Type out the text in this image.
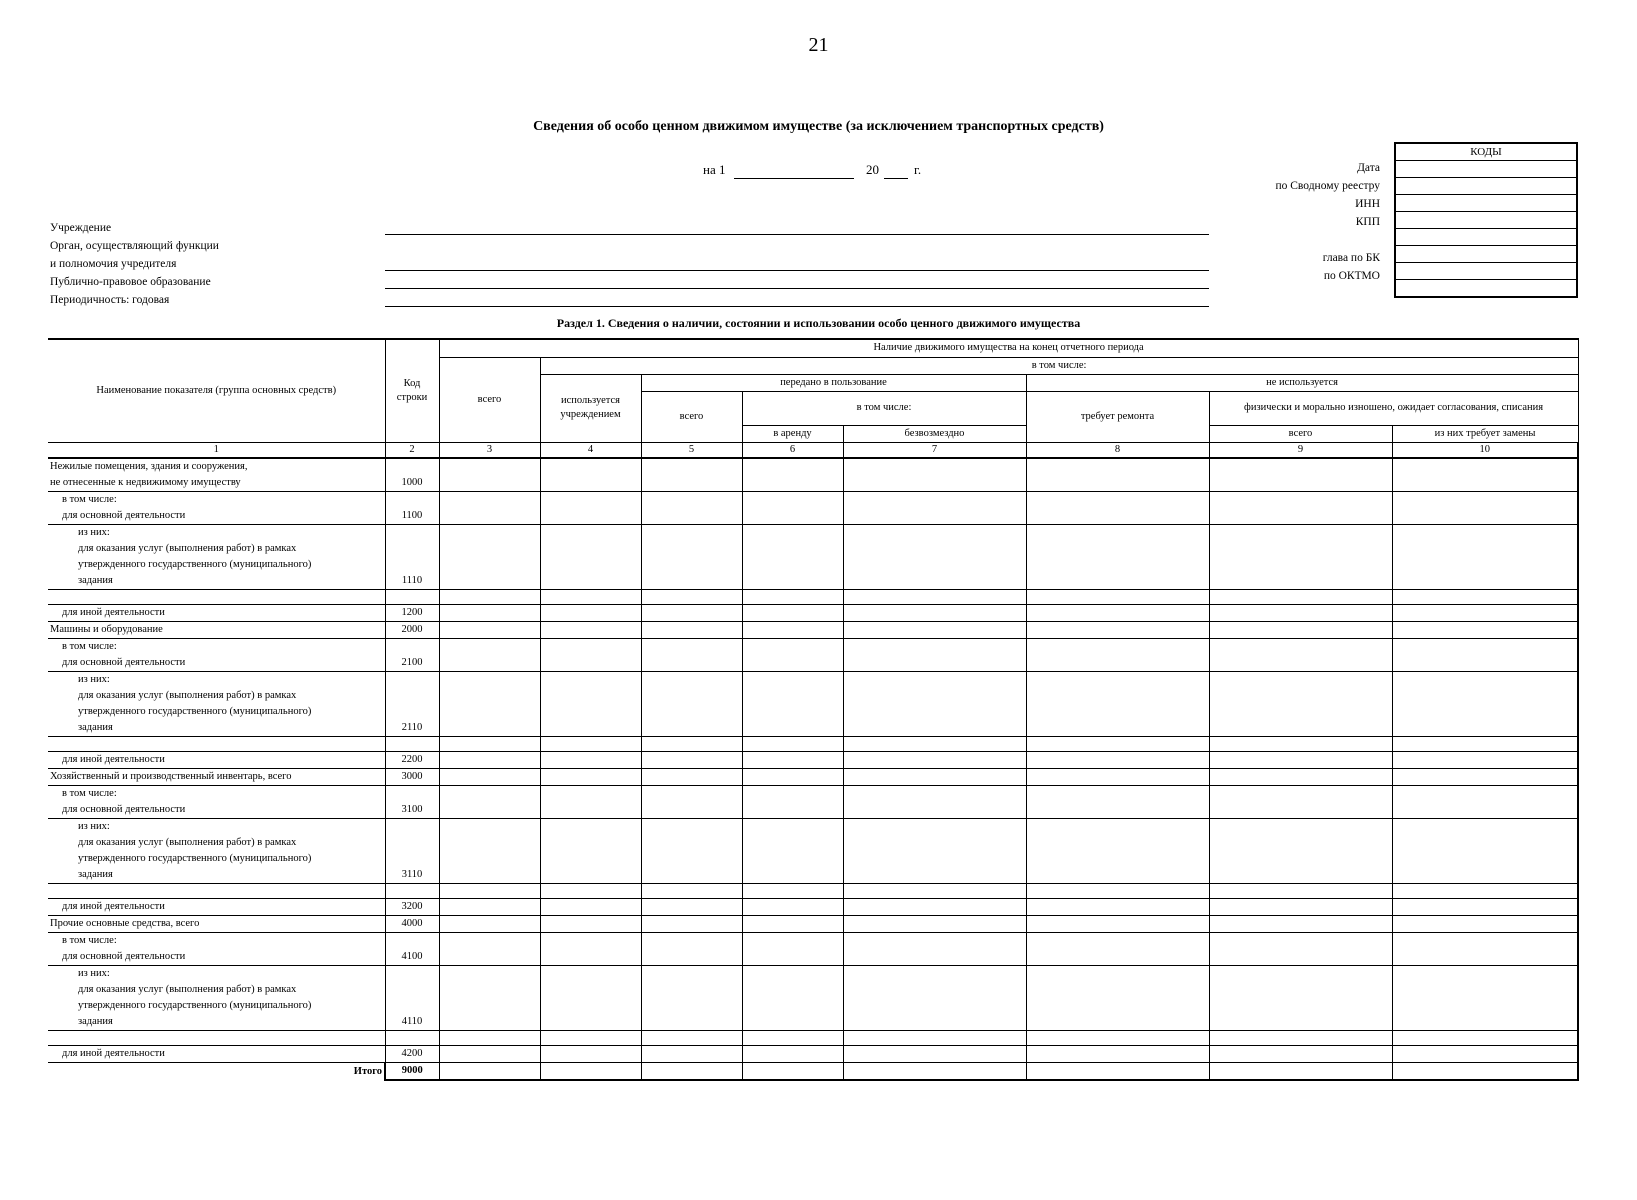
21
Сведения об особо ценном движимом имуществе (за исключением транспортных средств)
на 1	20	г.	Дата
по Сводному реестру
ИНН
КПП
глава по БК
по ОКТМО
КОДЫ

Учреждение
Орган, осуществляющий функции
и полномочия учредителя
Публично-правовое образование
Периодичность: годовая
Раздел 1. Сведения о наличии, состоянии и использовании особо ценного движимого имущества
Наименование показателя (группа основных средств)	Код строки	Наличие движимого имущества на конец отчетного периода							
		всего	в том числе:						
			используется учреждением	передано в пользование			не используется		
				всего	в том числе:		требует ремонта	физически и морально изношено, ожидает согласования, списания	
					в аренду	безвозмездно		всего	из них требует замены
1	2	3	4	5	6	7	8	9	10

Нежилые помещения, здания и сооружения,
не отнесенные к недвижимому имуществу	1000								

в том числе:
для основной деятельности	1100								

из них:
для оказания услуг (выполнения работ) в рамках
утвержденного государственного (муниципального)
задания	1110								

для иной деятельности	1200								

Машины и оборудование	2000								

в том числе:
для основной деятельности	2100								

из них:
для оказания услуг (выполнения работ) в рамках
утвержденного государственного (муниципального)
задания	2110								

для иной деятельности	2200								

Хозяйственный и производственный инвентарь, всего	3000								

в том числе:
для основной деятельности	3100								

из них:
для оказания услуг (выполнения работ) в рамках
утвержденного государственного (муниципального)
задания	3110								

для иной деятельности	3200								

Прочие основные средства, всего	4000								

в том числе:
для основной деятельности	4100								

из них:
для оказания услуг (выполнения работ) в рамках
утвержденного государственного (муниципального)
задания	4110								

для иной деятельности	4200								
Итого	9000								
